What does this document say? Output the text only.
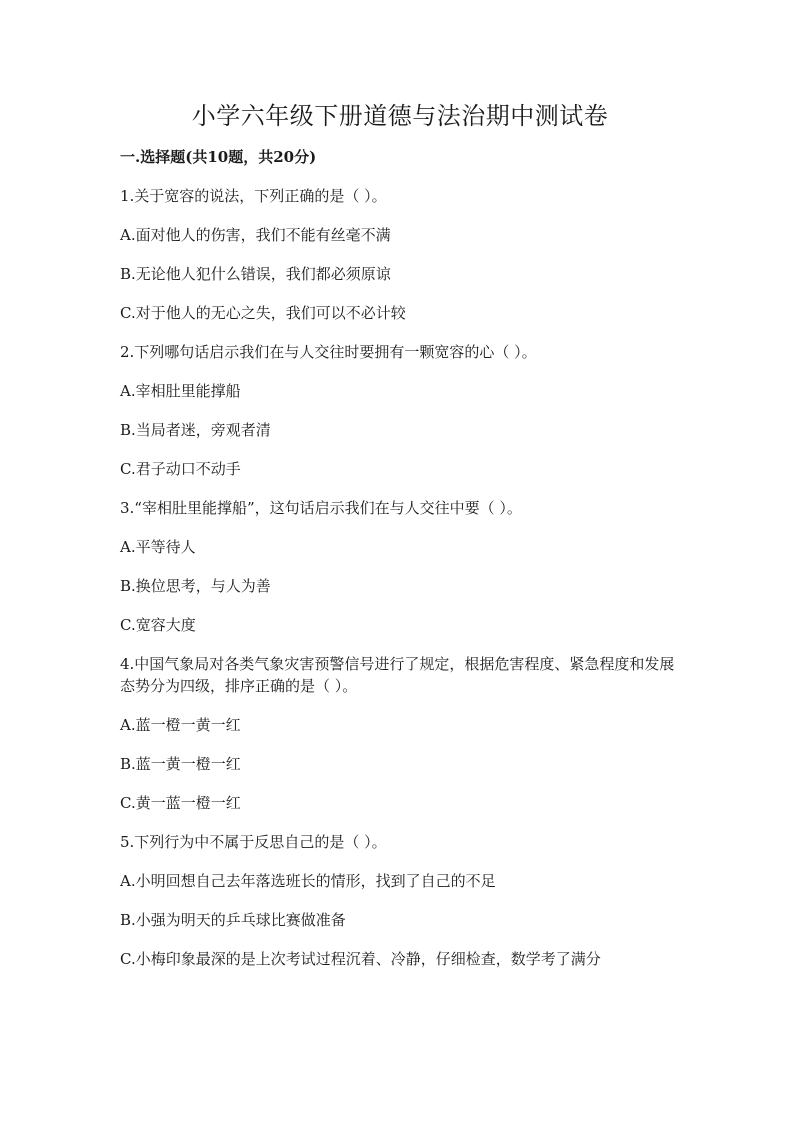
小学六年级下册道德与法治期中测试卷
一.选择题(共10题，共20分)
1.关于宽容的说法，下列正确的是（ ）。
A.面对他人的伤害，我们不能有丝毫不满
B.无论他人犯什么错误，我们都必须原谅
C.对于他人的无心之失，我们可以不必计较
2.下列哪句话启示我们在与人交往时要拥有一颗宽容的心（ ）。
A.宰相肚里能撑船
B.当局者迷，旁观者清
C.君子动口不动手
3.“宰相肚里能撑船”，这句话启示我们在与人交往中要（ ）。
A.平等待人
B.换位思考，与人为善
C.宽容大度
4.中国气象局对各类气象灾害预警信号进行了规定，根据危害程度、紧急程度和发展态势分为四级，排序正确的是（ ）。
A.蓝一橙一黄一红
B.蓝一黄一橙一红
C.黄一蓝一橙一红
5.下列行为中不属于反思自己的是（ ）。
A.小明回想自己去年落选班长的情形，找到了自己的不足
B.小强为明天的乒乓球比赛做准备
C.小梅印象最深的是上次考试过程沉着、冷静，仔细检查，数学考了满分
